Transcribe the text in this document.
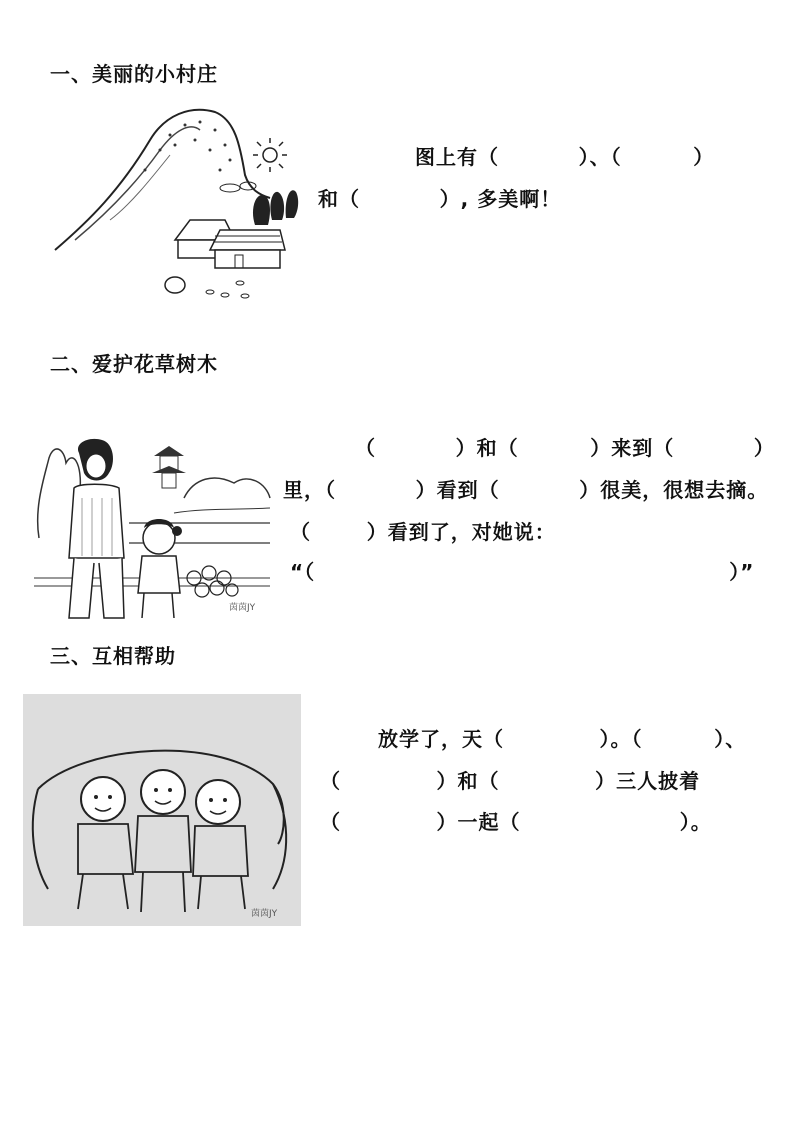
一、美丽的小村庄
图上有（          ）、（         ）
和（          ）, 多美啊！
二、爱护花草树木
茵茵JY
（          ）和（         ）来到（          ）
里，（          ）看到（          ）很美，很想去摘。
（       ）看到了，对她说：
“（                                                    ）”
三、互相帮助
茵茵JY
放学了，天（            ）。（         ）、
（            ）和（            ）三人披着
（            ）一起（                    ）。
